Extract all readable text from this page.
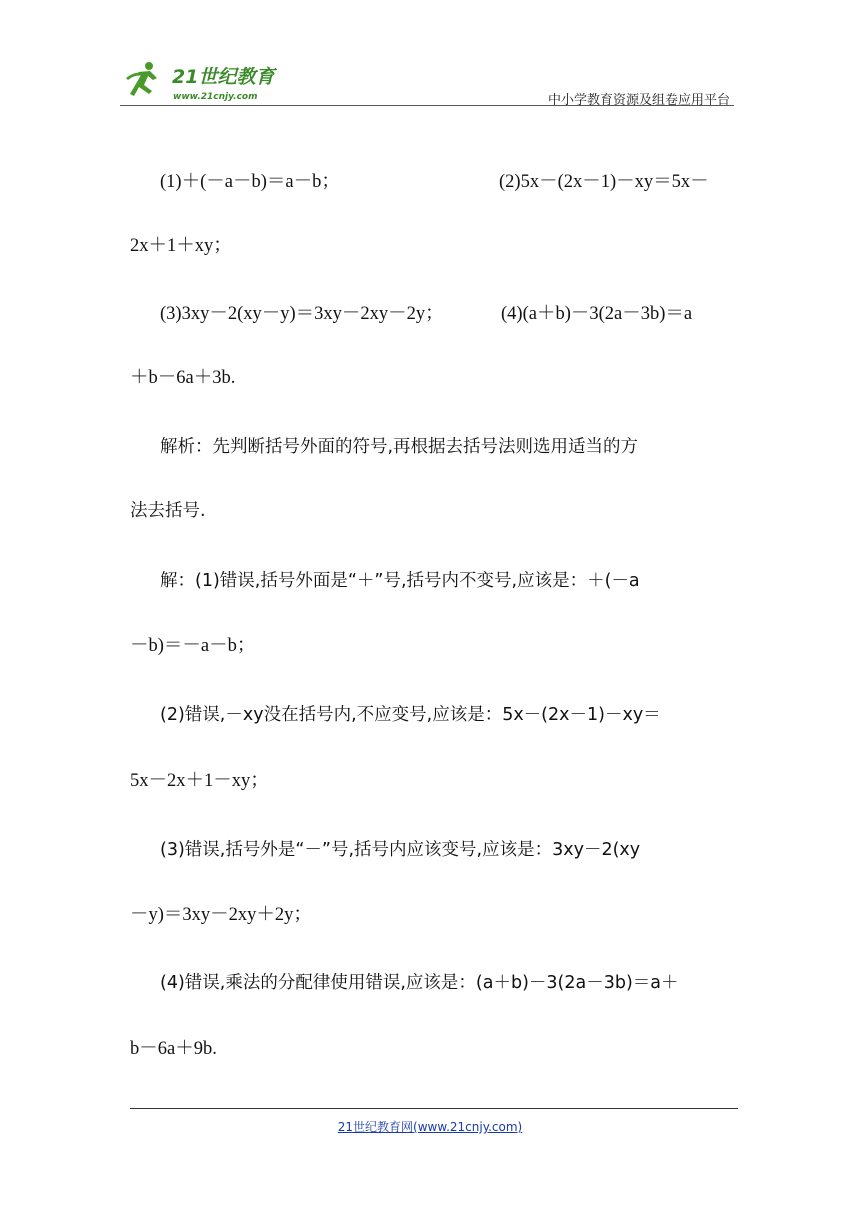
21世纪教育
www.21cnjy.com	中小学教育资源及组卷应用平台
(1)＋(－a－b)＝a－b；	(2)5x－(2x－1)－xy＝5x－
2x＋1＋xy；
(3)3xy－2(xy－y)＝3xy－2xy－2y；	(4)(a＋b)－3(2a－3b)＝a
＋b－6a＋3b.
解析：先判断括号外面的符号,再根据去括号法则选用适当的方
法去括号.
解：(1)错误,括号外面是“＋”号,括号内不变号,应该是：＋(－a
－b)＝－a－b；
(2)错误,－xy没在括号内,不应变号,应该是：5x－(2x－1)－xy＝
5x－2x＋1－xy；
(3)错误,括号外是“－”号,括号内应该变号,应该是：3xy－2(xy
－y)＝3xy－2xy＋2y；
(4)错误,乘法的分配律使用错误,应该是：(a＋b)－3(2a－3b)＝a＋
b－6a＋9b.
21世纪教育网(www.21cnjy.com)
